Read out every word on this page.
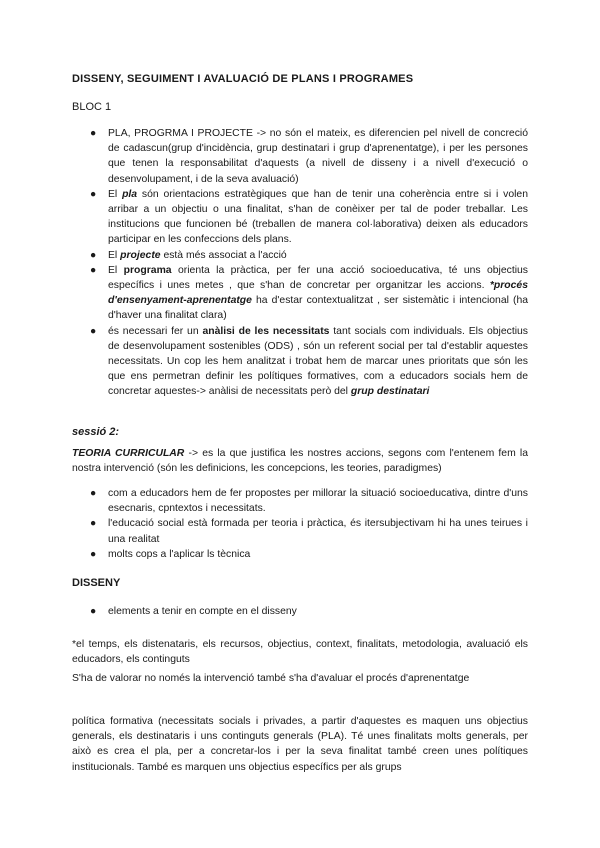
DISSENY, SEGUIMENT I AVALUACIÓ DE PLANS I PROGRAMES
BLOC 1
● PLA, PROGRMA I PROJECTE -> no són el mateix, es diferencien pel nivell de concreció de cadascun(grup d'incidència, grup destinatari i grup d'aprenentatge), i per les persones que tenen la responsabilitat d'aquests (a nivell de disseny i a nivell d'execució o desenvolupament, i de la seva avaluació)
● El pla són orientacions estratègiques que han de tenir una coherència entre si i volen arribar a un objectiu o una finalitat, s'han de conèixer per tal de poder treballar. Les institucions que funcionen bé (treballen de manera col·laborativa) deixen als educadors participar en les confeccions dels plans.
● El projecte està més associat a l'acció
● El programa orienta la pràctica, per fer una acció socioeducativa, té uns objectius específics i unes metes , que s'han de concretar per organitzar les accions. *procés d'ensenyament-aprenentatge ha d'estar contextualitzat , ser sistemàtic i intencional (ha d'haver una finalitat clara)
● és necessari fer un anàlisi de les necessitats tant socials com individuals. Els objectius de desenvolupament sostenibles (ODS) , són un referent social per tal d'establir aquestes necessitats. Un cop les hem analitzat i trobat hem de marcar unes prioritats que són les que ens permetran definir les polítiques formatives, com a educadors socials hem de concretar aquestes-> anàlisi de necessitats però del grup destinatari
sessió 2:
TEORIA CURRICULAR -> es la que justifica les nostres accions, segons com l'entenem fem la nostra intervenció (són les definicions, les concepcions, les teories, paradigmes)
● com a educadors hem de fer propostes per millorar la situació socioeducativa, dintre d'uns esecnaris, cpntextos i necessitats.
● l'educació social està formada per teoria i pràctica, és itersubjectivam hi ha unes teirues i una realitat
● molts cops a l'aplicar ls tècnica
DISSENY
● elements a tenir en compte en el disseny
*el temps, els distenataris, els recursos, objectius, context, finalitats, metodologia, avaluació els educadors, els continguts
S'ha de valorar no només la intervenció també s'ha d'avaluar el procés d'aprenentatge
política formativa (necessitats socials i privades, a partir d'aquestes es maquen uns objectius generals, els destinataris i uns continguts generals (PLA). Té unes finalitats molts generals, per això es crea el pla, per a concretar-los i per la seva finalitat també creen unes polítiques institucionals. També es marquen uns objectius específics per als grups
